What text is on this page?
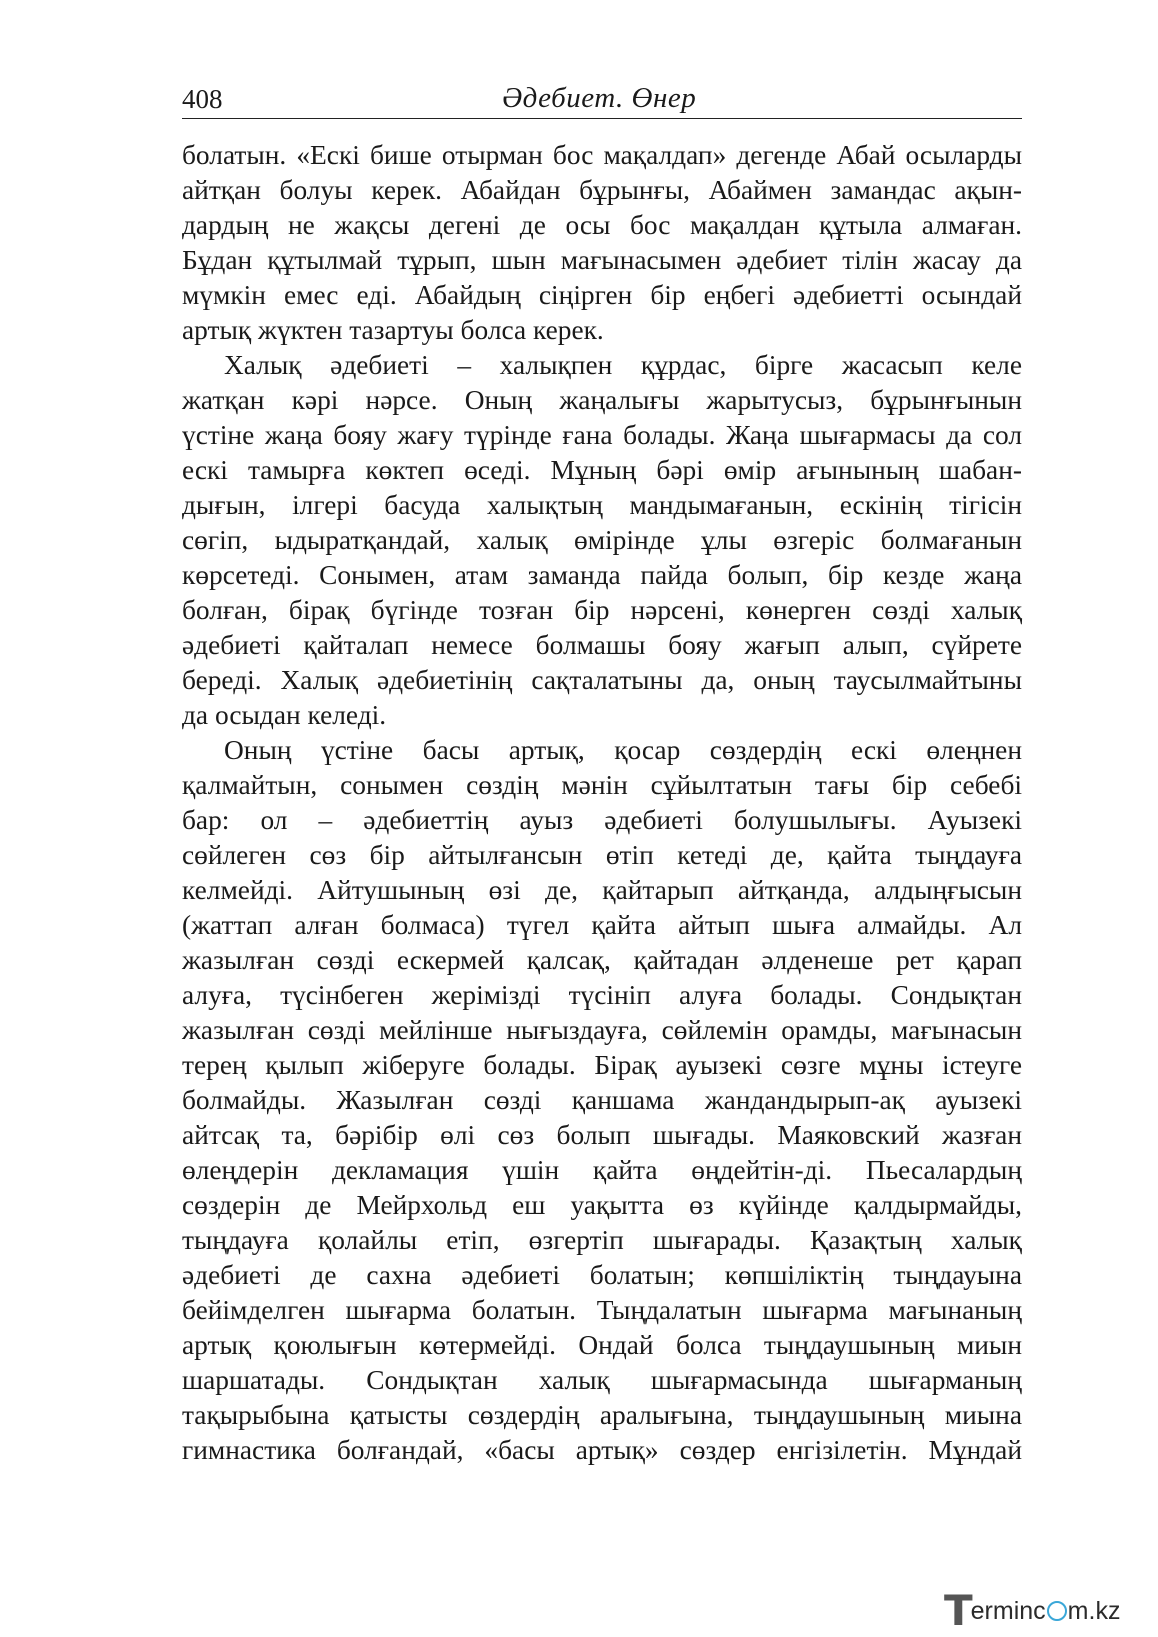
408	Әдебиет. Өнер

болатын. «Ескі бише отырман бос мақалдап» дегенде Абай осыларды

айтқан болуы керек. Абайдан бұрынғы, Абаймен замандас ақын-

дардың не жақсы дегені де осы бос мақалдан құтыла алмаған.

Бұдан құтылмай тұрып, шын мағынасымен әдебиет тілін жасау да

мүмкін емес еді. Абайдың сіңірген бір еңбегі әдебиетті осындай

артық жүктен тазартуы болса керек.

Халық әдебиеті – халықпен құрдас, бірге жасасып келе

жатқан кәрі нәрсе. Оның жаңалығы жарытусыз, бұрынғынын

үстіне жаңа бояу жағу түрінде ғана болады. Жаңа шығармасы да сол

ескі тамырға көктеп өседі. Мұның бәрі өмір ағынының шабан-

дығын, ілгері басуда халықтың мандымағанын, ескінің тігісін

сөгіп, ыдыратқандай, халық өмірінде ұлы өзгеріс болмағанын

көрсетеді. Сонымен, атам заманда пайда болып, бір кезде жаңа

болған, бірақ бүгінде тозған бір нәрсені, көнерген сөзді халық

әдебиеті қайталап немесе болмашы бояу жағып алып, сүйрете

береді. Халық әдебиетінің сақталатыны да, оның таусылмайтыны

да осыдан келеді.

Оның үстіне басы артық, қосар сөздердің ескі өлеңнен

қалмайтын, сонымен сөздің мәнін сұйылтатын тағы бір себебі

бар: ол – әдебиеттің ауыз әдебиеті болушылығы. Ауызекі

сөйлеген сөз бір айтылғансын өтіп кетеді де, қайта тыңдауға

келмейді. Айтушының өзі де, қайтарып айтқанда, алдыңғысын

(жаттап алған болмаса) түгел қайта айтып шыға алмайды. Ал

жазылған сөзді ескермей қалсақ, қайтадан әлденеше рет қарап

алуға, түсінбеген жерімізді түсініп алуға болады. Сондықтан

жазылған сөзді мейлінше нығыздауға, сөйлемін орамды, мағынасын

терең қылып жіберуге болады. Бірақ ауызекі сөзге мұны істеуге

болмайды. Жазылған сөзді қаншама жандандырып-ақ ауызекі

айтсақ та, бәрібір өлі сөз болып шығады. Маяковский жазған

өлеңдерін декламация үшін қайта өңдейтін-ді. Пьесалардың

сөздерін де Мейрхольд еш уақытта өз күйінде қалдырмайды,

тыңдауға қолайлы етіп, өзгертіп шығарады. Қазақтың халық

әдебиеті де сахна әдебиеті болатын; көпшіліктің тыңдауына

бейімделген шығарма болатын. Тыңдалатын шығарма мағынаның

артық қоюлығын көтермейді. Ондай болса тыңдаушының миын

шаршатады. Сондықтан халық шығармасында шығарманың

тақырыбына қатысты сөздердің аралығына, тыңдаушының миына

гимнастика болғандай, «басы артық» сөздер енгізілетін. Мұндай

Terminc m.kz
